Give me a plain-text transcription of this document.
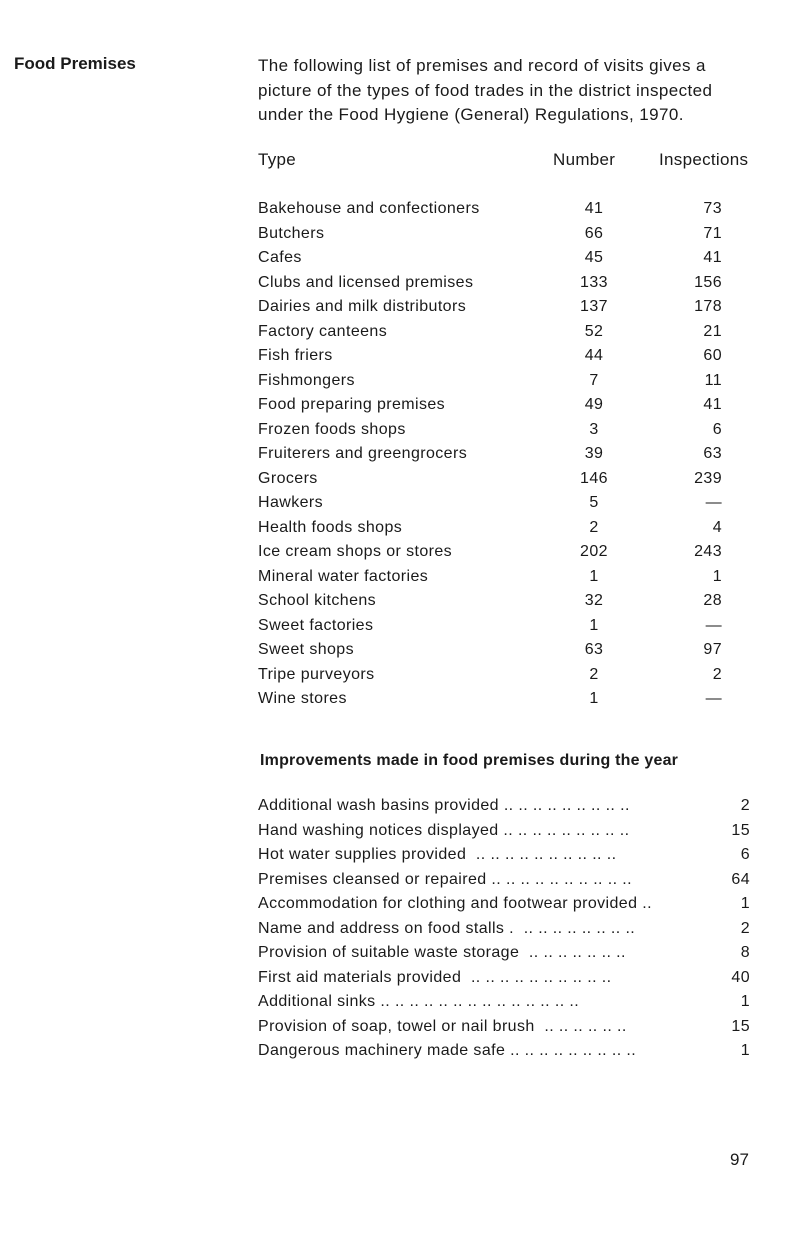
Food Premises	The following list of premises and record of visits gives a picture of the types of food trades in the district inspected under the Food Hygiene (General) Regulations, 1970.
Type	Number	Inspections
Bakehouse and confectioners	41	73
Butchers	66	71
Cafes	45	41
Clubs and licensed premises	133	156
Dairies and milk distributors	137	178
Factory canteens	52	21
Fish friers	44	60
Fishmongers	7	11
Food preparing premises	49	41
Frozen foods shops	3	6
Fruiterers and greengrocers	39	63
Grocers	146	239
Hawkers	5	—
Health foods shops	2	4
Ice cream shops or stores	202	243
Mineral water factories	1	1
School kitchens	32	28
Sweet factories	1	—
Sweet shops	63	97
Tripe purveyors	2	2
Wine stores	1	—
Improvements made in food premises during the year
Additional wash basins provided .. .. .. .. .. .. .. .. ..	2
Hand washing notices displayed .. .. .. .. .. .. .. .. ..	15
Hot water supplies provided  .. .. .. .. .. .. .. .. .. ..	6
Premises cleansed or repaired .. .. .. .. .. .. .. .. .. ..	64
Accommodation for clothing and footwear provided ..	1
Name and address on food stalls .  .. .. .. .. .. .. .. ..	2
Provision of suitable waste storage  .. .. .. .. .. .. ..	8
First aid materials provided  .. .. .. .. .. .. .. .. .. ..	40
Additional sinks .. .. .. .. .. .. .. .. .. .. .. .. .. ..	1
Provision of soap, towel or nail brush  .. .. .. .. .. ..	15
Dangerous machinery made safe .. .. .. .. .. .. .. .. ..	1
97
